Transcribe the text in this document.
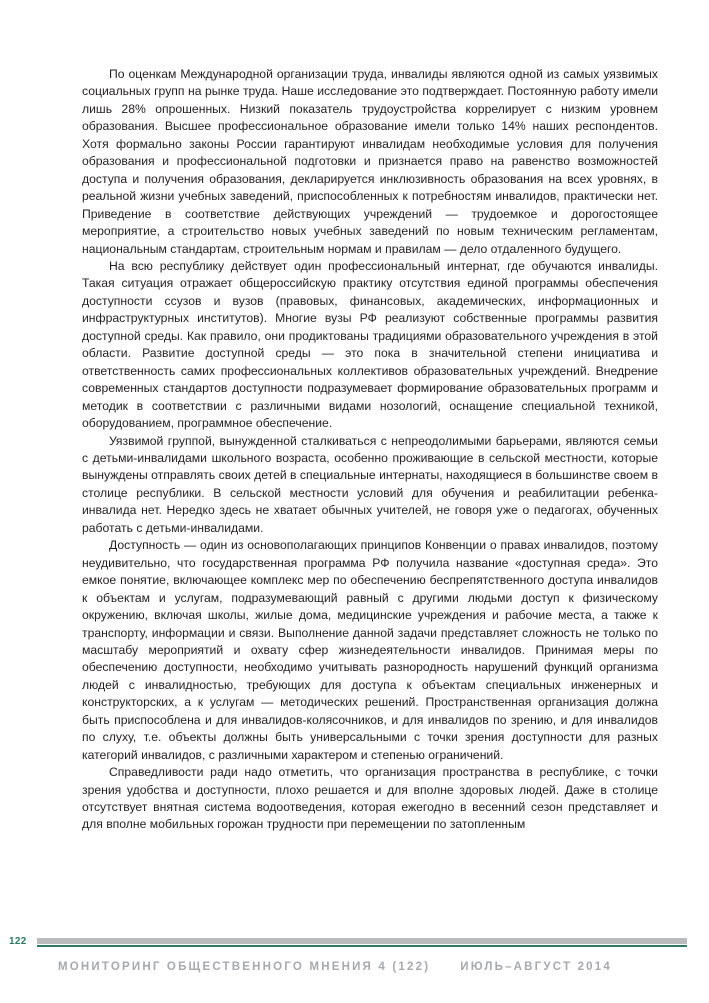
По оценкам Международной организации труда, инвалиды являются одной из самых уязвимых социальных групп на рынке труда. Наше исследование это подтверждает. Постоянную работу имели лишь 28% опрошенных. Низкий показатель трудоустройства коррелирует с низким уровнем образования. Высшее профессиональное образование имели только 14% наших респондентов. Хотя формально законы России гарантируют инвалидам необходимые условия для получения образования и профессиональной подготовки и признается право на равенство возможностей доступа и получения образования, декларируется инклюзивность образования на всех уровнях, в реальной жизни учебных заведений, приспособленных к потребностям инвалидов, практически нет. Приведение в соответствие действующих учреждений — трудоемкое и дорогостоящее мероприятие, а строительство новых учебных заведений по новым техническим регламентам, национальным стандартам, строительным нормам и правилам — дело отдаленного будущего.

На всю республику действует один профессиональный интернат, где обучаются инвалиды. Такая ситуация отражает общероссийскую практику отсутствия единой программы обеспечения доступности ссузов и вузов (правовых, финансовых, академических, информационных и инфраструктурных институтов). Многие вузы РФ реализуют собственные программы развития доступной среды. Как правило, они продиктованы традициями образовательного учреждения в этой области. Развитие доступной среды — это пока в значительной степени инициатива и ответственность самих профессиональных коллективов образовательных учреждений. Внедрение современных стандартов доступности подразумевает формирование образовательных программ и методик в соответствии с различными видами нозологий, оснащение специальной техникой, оборудованием, программное обеспечение.

Уязвимой группой, вынужденной сталкиваться с непреодолимыми барьерами, являются семьи с детьми-инвалидами школьного возраста, особенно проживающие в сельской местности, которые вынуждены отправлять своих детей в специальные интернаты, находящиеся в большинстве своем в столице республики. В сельской местности условий для обучения и реабилитации ребенка-инвалида нет. Нередко здесь не хватает обычных учителей, не говоря уже о педагогах, обученных работать с детьми-инвалидами.

Доступность — один из основополагающих принципов Конвенции о правах инвалидов, поэтому неудивительно, что государственная программа РФ получила название «доступная среда». Это емкое понятие, включающее комплекс мер по обеспечению беспрепятственного доступа инвалидов к объектам и услугам, подразумевающий равный с другими людьми доступ к физическому окружению, включая школы, жилые дома, медицинские учреждения и рабочие места, а также к транспорту, информации и связи. Выполнение данной задачи представляет сложность не только по масштабу мероприятий и охвату сфер жизнедеятельности инвалидов. Принимая меры по обеспечению доступности, необходимо учитывать разнородность нарушений функций организма людей с инвалидностью, требующих для доступа к объектам специальных инженерных и конструкторских, а к услугам — методических решений. Пространственная организация должна быть приспособлена и для инвалидов-колясочников, и для инвалидов по зрению, и для инвалидов по слуху, т.е. объекты должны быть универсальными с точки зрения доступности для разных категорий инвалидов, с различными характером и степенью ограничений.

Справедливости ради надо отметить, что организация пространства в республике, с точки зрения удобства и доступности, плохо решается и для вполне здоровых людей. Даже в столице отсутствует внятная система водоотведения, которая ежегодно в весенний сезон представляет и для вполне мобильных горожан трудности при перемещении по затопленным

122
МОНИТОРИНГ ОБЩЕСТВЕННОГО МНЕНИЯ 4 (122)	ИЮЛЬ–АВГУСТ 2014
